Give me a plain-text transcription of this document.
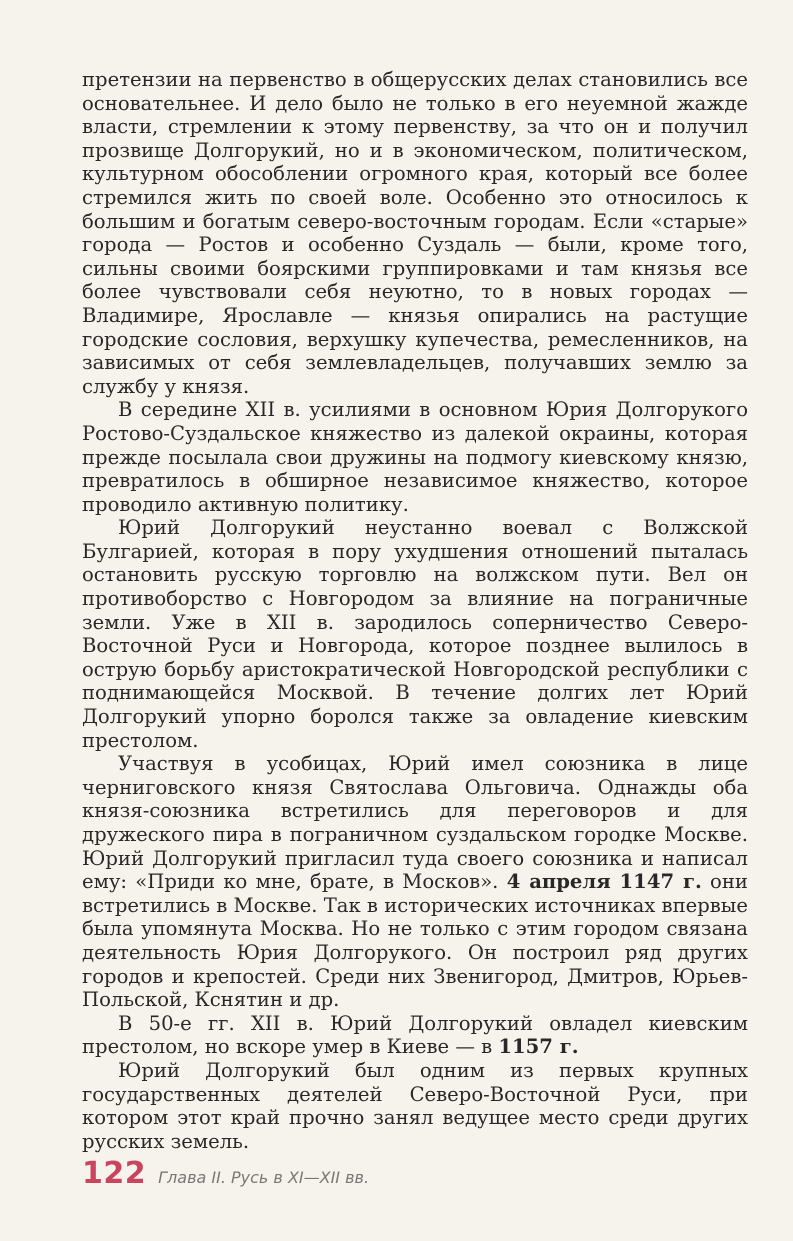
претензии на первенство в общерусских делах становились все основательнее. И дело было не только в его неуемной жажде власти, стремлении к этому первенству, за что он и получил прозвище Долгорукий, но и в экономическом, политическом, культурном обособлении огромного края, который все более стремился жить по своей воле. Особенно это относилось к большим и богатым северо-восточным городам. Если «старые» города — Ростов и особенно Суздаль — были, кроме того, сильны своими боярскими группировками и там князья все более чувствовали себя неуютно, то в новых городах — Владимире, Ярославле — князья опирались на растущие городские сословия, верхушку купечества, ремесленников, на зависимых от себя землевладельцев, получавших землю за службу у князя.

В середине XII в. усилиями в основном Юрия Долгорукого Ростово-Суздальское княжество из далекой окраины, которая прежде посылала свои дружины на подмогу киевскому князю, превратилось в обширное независимое княжество, которое проводило активную политику.

Юрий Долгорукий неустанно воевал с Волжской Булгарией, которая в пору ухудшения отношений пыталась остановить русскую торговлю на волжском пути. Вел он противоборство с Новгородом за влияние на пограничные земли. Уже в XII в. зародилось соперничество Северо-Восточной Руси и Новгорода, которое позднее вылилось в острую борьбу аристократической Новгородской республики с поднимающейся Москвой. В течение долгих лет Юрий Долгорукий упорно боролся также за овладение киевским престолом.

Участвуя в усобицах, Юрий имел союзника в лице черниговского князя Святослава Ольговича. Однажды оба князя-союзника встретились для переговоров и для дружеского пира в пограничном суздальском городке Москве. Юрий Долгорукий пригласил туда своего союзника и написал ему: «Приди ко мне, брате, в Москов». 4 апреля 1147 г. они встретились в Москве. Так в исторических источниках впервые была упомянута Москва. Но не только с этим городом связана деятельность Юрия Долгорукого. Он построил ряд других городов и крепостей. Среди них Звенигород, Дмитров, Юрьев-Польской, Кснятин и др.

В 50-е гг. XII в. Юрий Долгорукий овладел киевским престолом, но вскоре умер в Киеве — в 1157 г.

Юрий Долгорукий был одним из первых крупных государственных деятелей Северо-Восточной Руси, при котором этот край прочно занял ведущее место среди других русских земель.

122 Глава II. Русь в XI—XII вв.
